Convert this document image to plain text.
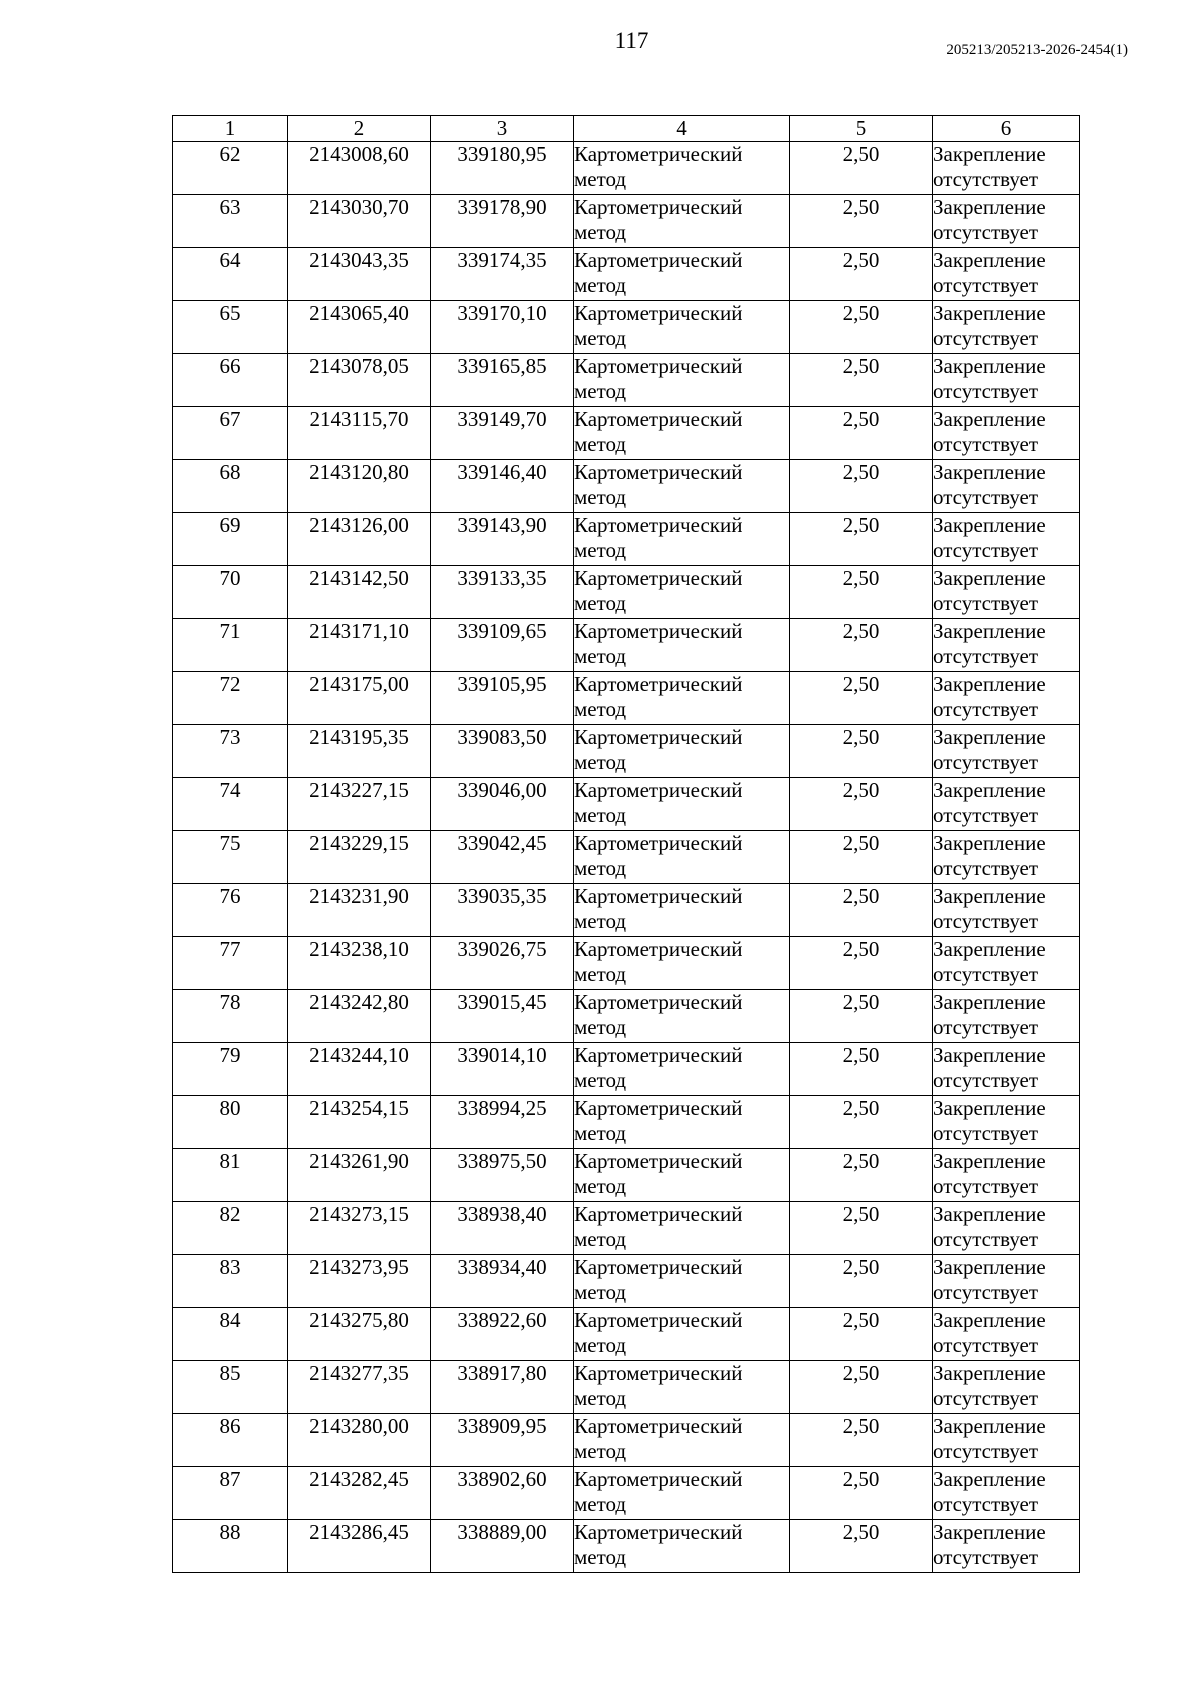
117	205213/205213-2026-2454(1)
1	2	3	4	5	6
62	2143008,60	339180,95	Картометрический метод	2,50	Закрепление отсутствует
63	2143030,70	339178,90	Картометрический метод	2,50	Закрепление отсутствует
64	2143043,35	339174,35	Картометрический метод	2,50	Закрепление отсутствует
65	2143065,40	339170,10	Картометрический метод	2,50	Закрепление отсутствует
66	2143078,05	339165,85	Картометрический метод	2,50	Закрепление отсутствует
67	2143115,70	339149,70	Картометрический метод	2,50	Закрепление отсутствует
68	2143120,80	339146,40	Картометрический метод	2,50	Закрепление отсутствует
69	2143126,00	339143,90	Картометрический метод	2,50	Закрепление отсутствует
70	2143142,50	339133,35	Картометрический метод	2,50	Закрепление отсутствует
71	2143171,10	339109,65	Картометрический метод	2,50	Закрепление отсутствует
72	2143175,00	339105,95	Картометрический метод	2,50	Закрепление отсутствует
73	2143195,35	339083,50	Картометрический метод	2,50	Закрепление отсутствует
74	2143227,15	339046,00	Картометрический метод	2,50	Закрепление отсутствует
75	2143229,15	339042,45	Картометрический метод	2,50	Закрепление отсутствует
76	2143231,90	339035,35	Картометрический метод	2,50	Закрепление отсутствует
77	2143238,10	339026,75	Картометрический метод	2,50	Закрепление отсутствует
78	2143242,80	339015,45	Картометрический метод	2,50	Закрепление отсутствует
79	2143244,10	339014,10	Картометрический метод	2,50	Закрепление отсутствует
80	2143254,15	338994,25	Картометрический метод	2,50	Закрепление отсутствует
81	2143261,90	338975,50	Картометрический метод	2,50	Закрепление отсутствует
82	2143273,15	338938,40	Картометрический метод	2,50	Закрепление отсутствует
83	2143273,95	338934,40	Картометрический метод	2,50	Закрепление отсутствует
84	2143275,80	338922,60	Картометрический метод	2,50	Закрепление отсутствует
85	2143277,35	338917,80	Картометрический метод	2,50	Закрепление отсутствует
86	2143280,00	338909,95	Картометрический метод	2,50	Закрепление отсутствует
87	2143282,45	338902,60	Картометрический метод	2,50	Закрепление отсутствует
88	2143286,45	338889,00	Картометрический метод	2,50	Закрепление отсутствует
